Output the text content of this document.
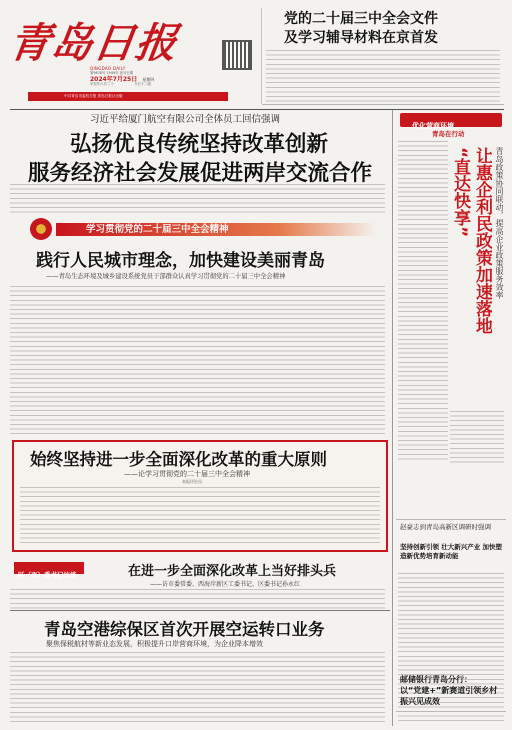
青岛日报
QINGDAO DAILY
第9876号 1949年 创刊日期
2024年7月25日 星期四
甲辰年六月二十	今日十二版
中共青岛市委机关报 青岛日报社出版
党的二十届三中全会文件
及学习辅导材料在京首发
习近平给厦门航空有限公司全体员工回信强调
弘扬优良传统坚持改革创新
服务经济社会发展促进两岸交流合作
学习贯彻党的二十届三中全会精神
践行人民城市理念，加快建设美丽青岛
——青岛生态环境及城乡建设系统党员干部群众认真学习贯彻党的二十届三中全会精神
始终坚持进一步全面深化改革的重大原则
——论学习贯彻党的二十届三中全会精神
本报评论员
区（市）委书记访谈	在进一步全面深化改革上当好排头兵
——访市委常委、西海岸新区工委书记、区委书记孙永红
青岛空港综保区首次开展空运转口业务
聚焦保税航材等新业态发展，积极提升口岸营商环境，为企业降本增效
优化营商环境
青岛在行动
“直达快享” 让惠企利民政策加速落地 青岛政策协同联动，提高企业政策服务效率
赵豪志到青岛高新区调研时强调
坚持创新引领 壮大新兴产业 加快塑造新优势培育新动能
邮储银行青岛分行：
以“党建+”新赛道引领乡村振兴见成效
